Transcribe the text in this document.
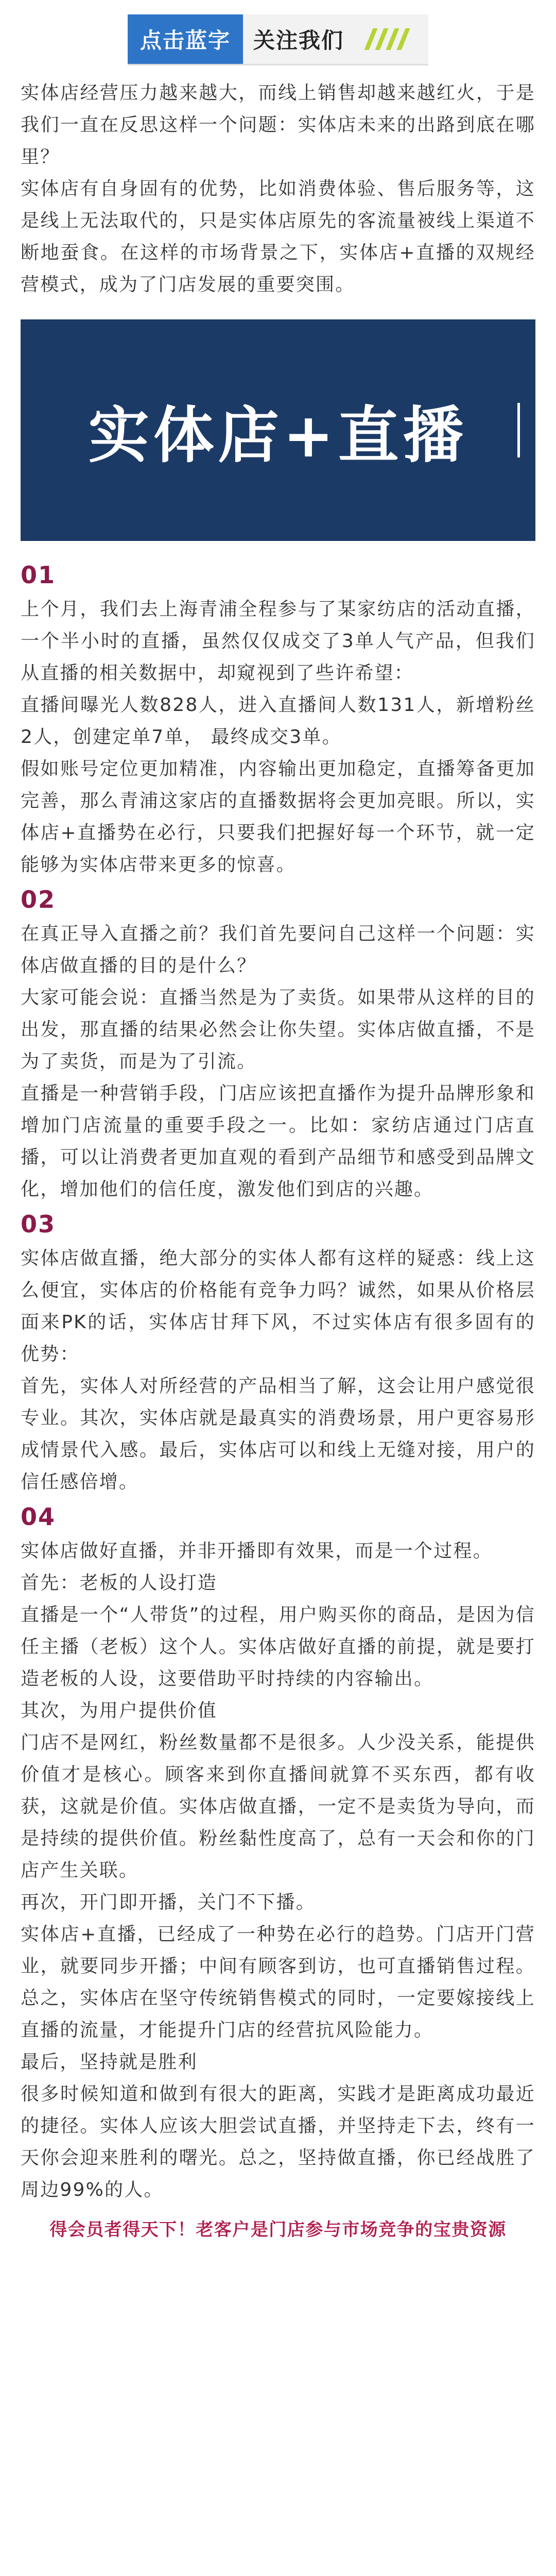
点击蓝字	关注我们

实体店经营压力越来越大，而线上销售却越来越红火，于是我们一直在反思这样一个问题：实体店未来的出路到底在哪里？

实体店有自身固有的优势，比如消费体验、售后服务等，这是线上无法取代的，只是实体店原先的客流量被线上渠道不断地蚕食。在这样的市场背景之下，实体店+直播的双规经营模式，成为了门店发展的重要突围。

实体店+直播

01

上个月，我们去上海青浦全程参与了某家纺店的活动直播，一个半小时的直播，虽然仅仅成交了3单人气产品，但我们从直播的相关数据中，却窥视到了些许希望：

直播间曝光人数828人，进入直播间人数131人，新增粉丝2人，创建定单7单， 最终成交3单。

假如账号定位更加精准，内容输出更加稳定，直播筹备更加完善，那么青浦这家店的直播数据将会更加亮眼。所以，实体店+直播势在必行，只要我们把握好每一个环节，就一定能够为实体店带来更多的惊喜。

02

在真正导入直播之前？我们首先要问自己这样一个问题：实体店做直播的目的是什么？

大家可能会说：直播当然是为了卖货。如果带从这样的目的出发，那直播的结果必然会让你失望。实体店做直播，不是为了卖货，而是为了引流。

直播是一种营销手段，门店应该把直播作为提升品牌形象和增加门店流量的重要手段之一。比如：家纺店通过门店直播，可以让消费者更加直观的看到产品细节和感受到品牌文化，增加他们的信任度，激发他们到店的兴趣。

03

实体店做直播，绝大部分的实体人都有这样的疑惑：线上这么便宜，实体店的价格能有竞争力吗？诚然，如果从价格层面来PK的话，实体店甘拜下风，不过实体店有很多固有的优势：

首先，实体人对所经营的产品相当了解，这会让用户感觉很专业。其次，实体店就是最真实的消费场景，用户更容易形成情景代入感。最后，实体店可以和线上无缝对接，用户的信任感倍增。

04

实体店做好直播，并非开播即有效果，而是一个过程。

首先：老板的人设打造

直播是一个“人带货”的过程，用户购买你的商品，是因为信任主播（老板）这个人。实体店做好直播的前提，就是要打造老板的人设，这要借助平时持续的内容输出。

其次，为用户提供价值

门店不是网红，粉丝数量都不是很多。人少没关系，能提供价值才是核心。顾客来到你直播间就算不买东西，都有收获，这就是价值。实体店做直播，一定不是卖货为导向，而是持续的提供价值。粉丝黏性度高了，总有一天会和你的门店产生关联。

再次，开门即开播，关门不下播。

实体店+直播，已经成了一种势在必行的趋势。门店开门营业，就要同步开播；中间有顾客到访，也可直播销售过程。总之，实体店在坚守传统销售模式的同时，一定要嫁接线上直播的流量，才能提升门店的经营抗风险能力。

最后，坚持就是胜利

很多时候知道和做到有很大的距离，实践才是距离成功最近的捷径。实体人应该大胆尝试直播，并坚持走下去，终有一天你会迎来胜利的曙光。总之，坚持做直播，你已经战胜了周边99%的人。

得会员者得天下！老客户是门店参与市场竞争的宝贵资源
